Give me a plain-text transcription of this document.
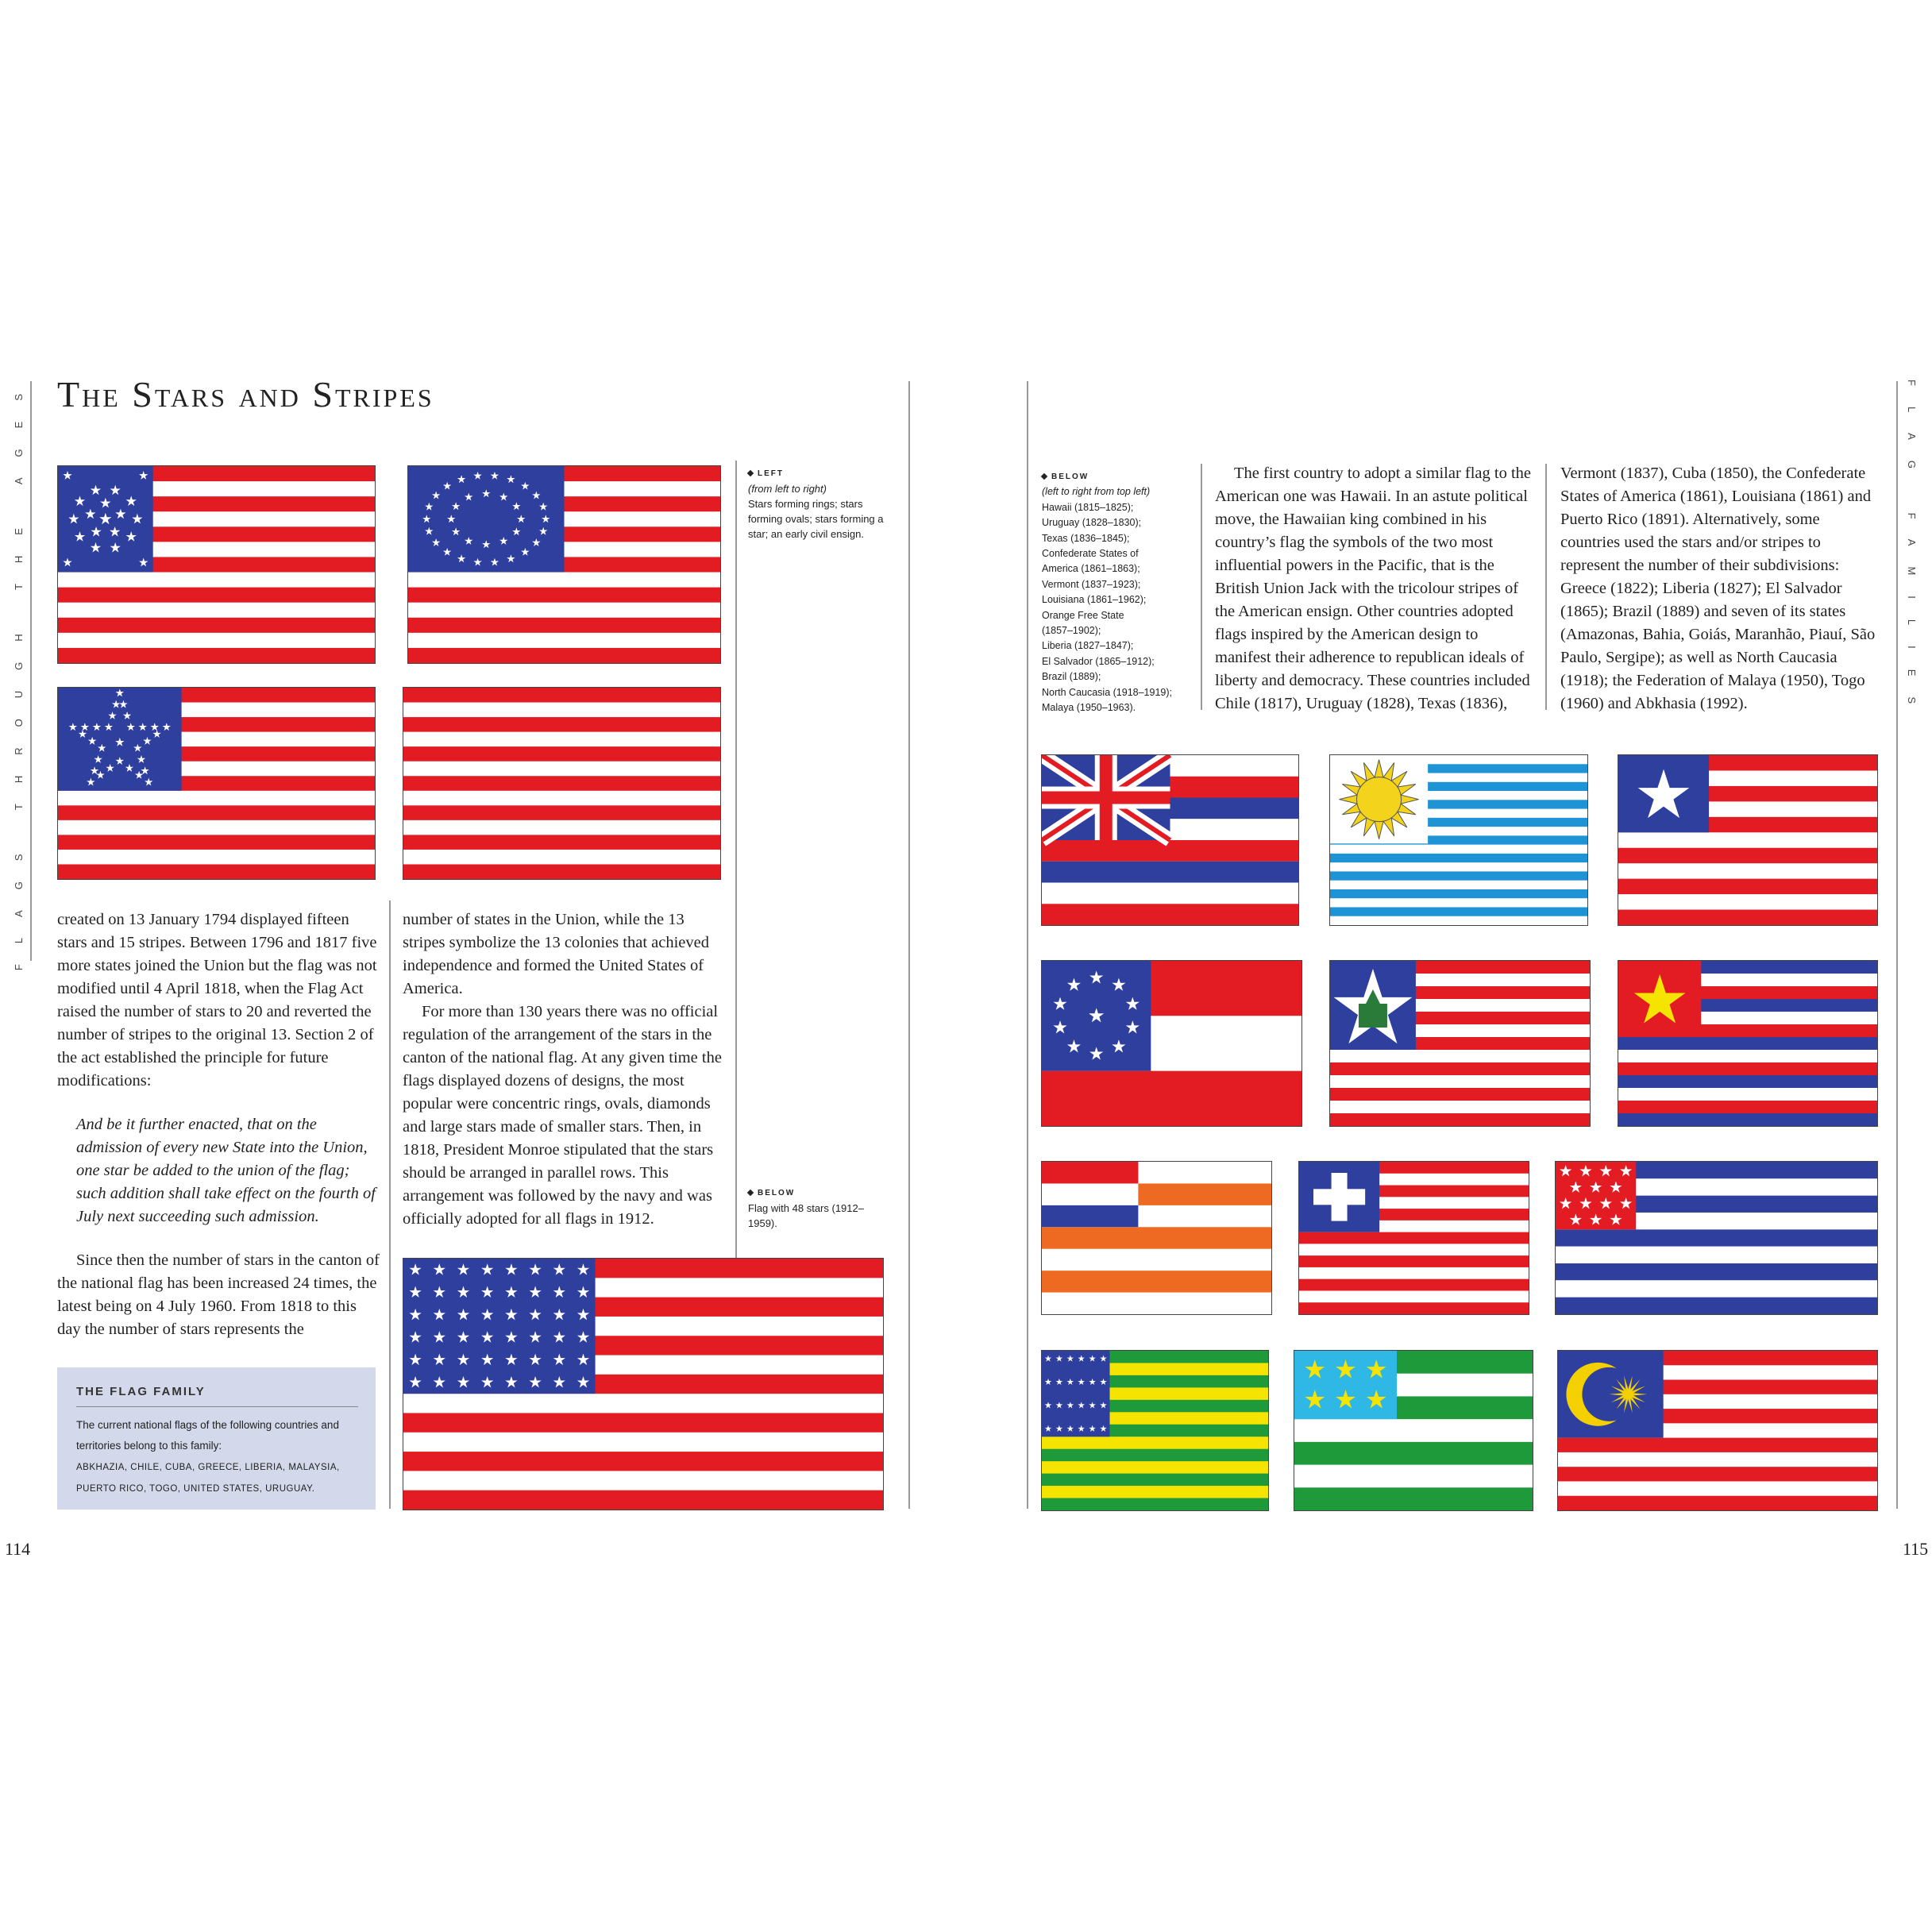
FLAGS THROUGH THE AGES	FLAG FAMILIES
The Stars and Stripes
LEFT
(from left to right)
Stars forming rings; stars forming ovals; stars forming a star; an early civil ensign.
BELOW
Flag with 48 stars (1912–1959).

created on 13 January 1794 displayed fifteen stars and 15 stripes. Between 1796 and 1817 five more states joined the Union but the flag was not modified until 4 April 1818, when the Flag Act raised the number of stars to 20 and reverted the number of stripes to the original 13. Section 2 of the act established the principle for future modifications:

And be it further enacted, that on the admission of every new State into the Union, one star be added to the union of the flag; such addition shall take effect on the fourth of July next succeeding such admission.

Since then the number of stars in the canton of the national flag has been increased 24 times, the latest being on 4 July 1960. From 1818 to this day the number of stars represents the

number of states in the Union, while the 13 stripes symbolize the 13 colonies that achieved independence and formed the United States of America.

For more than 130 years there was no official regulation of the arrangement of the stars in the canton of the national flag. At any given time the flags displayed dozens of designs, the most popular were concentric rings, ovals, diamonds and large stars made of smaller stars. Then, in 1818, President Monroe stipulated that the stars should be arranged in parallel rows. This arrangement was followed by the navy and was officially adopted for all flags in 1912.

THE FLAG FAMILY
The current national flags of the following countries and territories belong to this family:
ABKHAZIA, CHILE, CUBA, GREECE, LIBERIA, MALAYSIA, PUERTO RICO, TOGO, UNITED STATES, URUGUAY.
114	115
BELOW
(left to right from top left)
Hawaii (1815–1825);
Uruguay (1828–1830);
Texas (1836–1845);
Confederate States of
America (1861–1863);
Vermont (1837–1923);
Louisiana (1861–1962);
Orange Free State
(1857–1902);
Liberia (1827–1847);
El Salvador (1865–1912);
Brazil (1889);
North Caucasia (1918–1919);
Malaya (1950–1963).

The first country to adopt a similar flag to the American one was Hawaii. In an astute political move, the Hawaiian king combined in his country’s flag the symbols of the two most influential powers in the Pacific, that is the British Union Jack with the tricolour stripes of the American ensign. Other countries adopted flags inspired by the American design to manifest their adherence to republican ideals of liberty and democracy. These countries included Chile (1817), Uruguay (1828), Texas (1836),

Vermont (1837), Cuba (1850), the Confederate States of America (1861), Louisiana (1861) and Puerto Rico (1891). Alternatively, some countries used the stars and/or stripes to represent the number of their subdivisions: Greece (1822); Liberia (1827); El Salvador (1865); Brazil (1889) and seven of its states (Amazonas, Bahia, Goiás, Maranhão, Piauí, São Paulo, Sergipe); as well as North Caucasia (1918); the Federation of Malaya (1950), Togo (1960) and Abkhasia (1992).
